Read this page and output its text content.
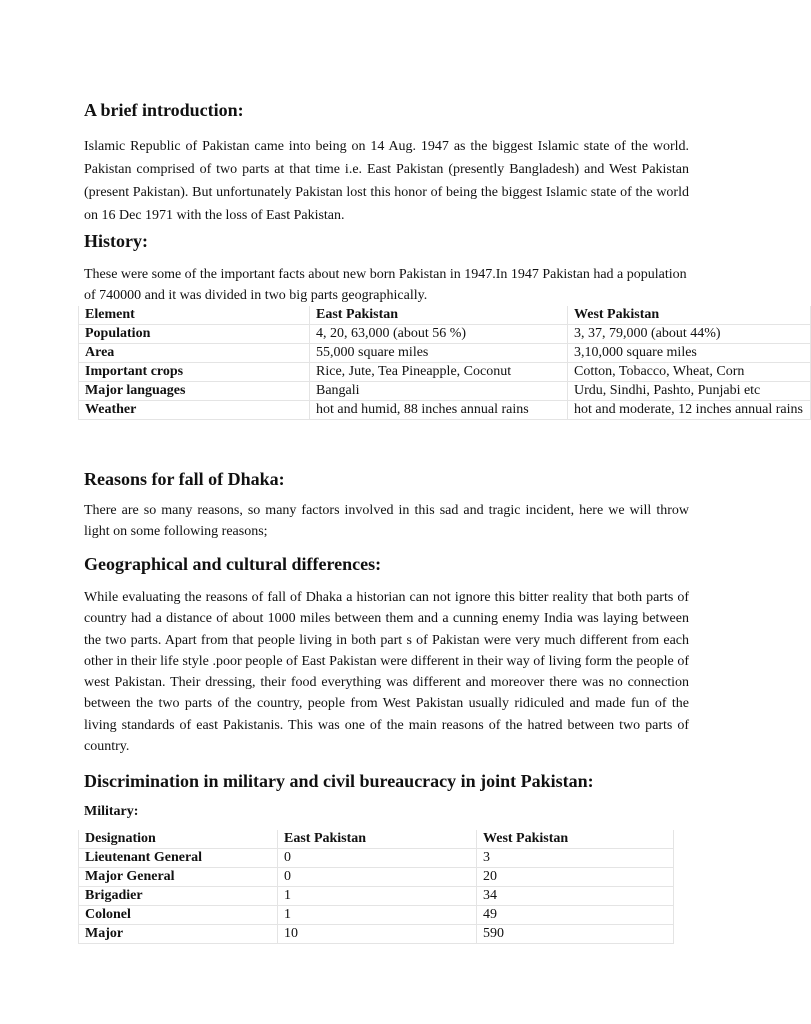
A brief introduction:

Islamic Republic of Pakistan came into being on 14 Aug. 1947 as the biggest Islamic state of the world. Pakistan comprised of two parts at that time i.e. East Pakistan (presently Bangladesh) and West Pakistan (present Pakistan). But unfortunately Pakistan lost this honor of being the biggest Islamic state of the world on 16 Dec 1971 with the loss of East Pakistan.

History:

These were some of the important facts about new born Pakistan in 1947.In 1947 Pakistan had a population of 740000 and it was divided in two big parts geographically.

Element	East Pakistan	West Pakistan
Population	4, 20, 63,000 (about 56 %)	3, 37, 79,000 (about 44%)
Area	55,000 square miles	3,10,000 square miles
Important crops	Rice, Jute, Tea Pineapple, Coconut	Cotton, Tobacco, Wheat, Corn
Major languages	Bangali	Urdu, Sindhi, Pashto, Punjabi etc
Weather	hot and humid, 88 inches annual rains	hot and moderate, 12 inches annual rains
Reasons for fall of Dhaka:

There are so many reasons, so many factors involved in this sad and tragic incident, here we will throw light on some following reasons;

Geographical and cultural differences:

While evaluating the reasons of fall of Dhaka a historian can not ignore this bitter reality that both parts of country had a distance of about 1000 miles between them and a cunning enemy India was laying between the two parts. Apart from that people living in both part s of Pakistan were very much different from each other in their life style .poor people of East Pakistan were different in their way of living form the people of west Pakistan. Their dressing, their food everything was different and moreover there was no connection between the two parts of the country, people from West Pakistan usually ridiculed and made fun of the living standards of east Pakistanis. This was one of the main reasons of the hatred between two parts of country.

Discrimination in military and civil bureaucracy in joint Pakistan:

Military:

Designation	East Pakistan	West Pakistan
Lieutenant General	0	3
Major General	0	20
Brigadier	1	34
Colonel	1	49
Major	10	590
